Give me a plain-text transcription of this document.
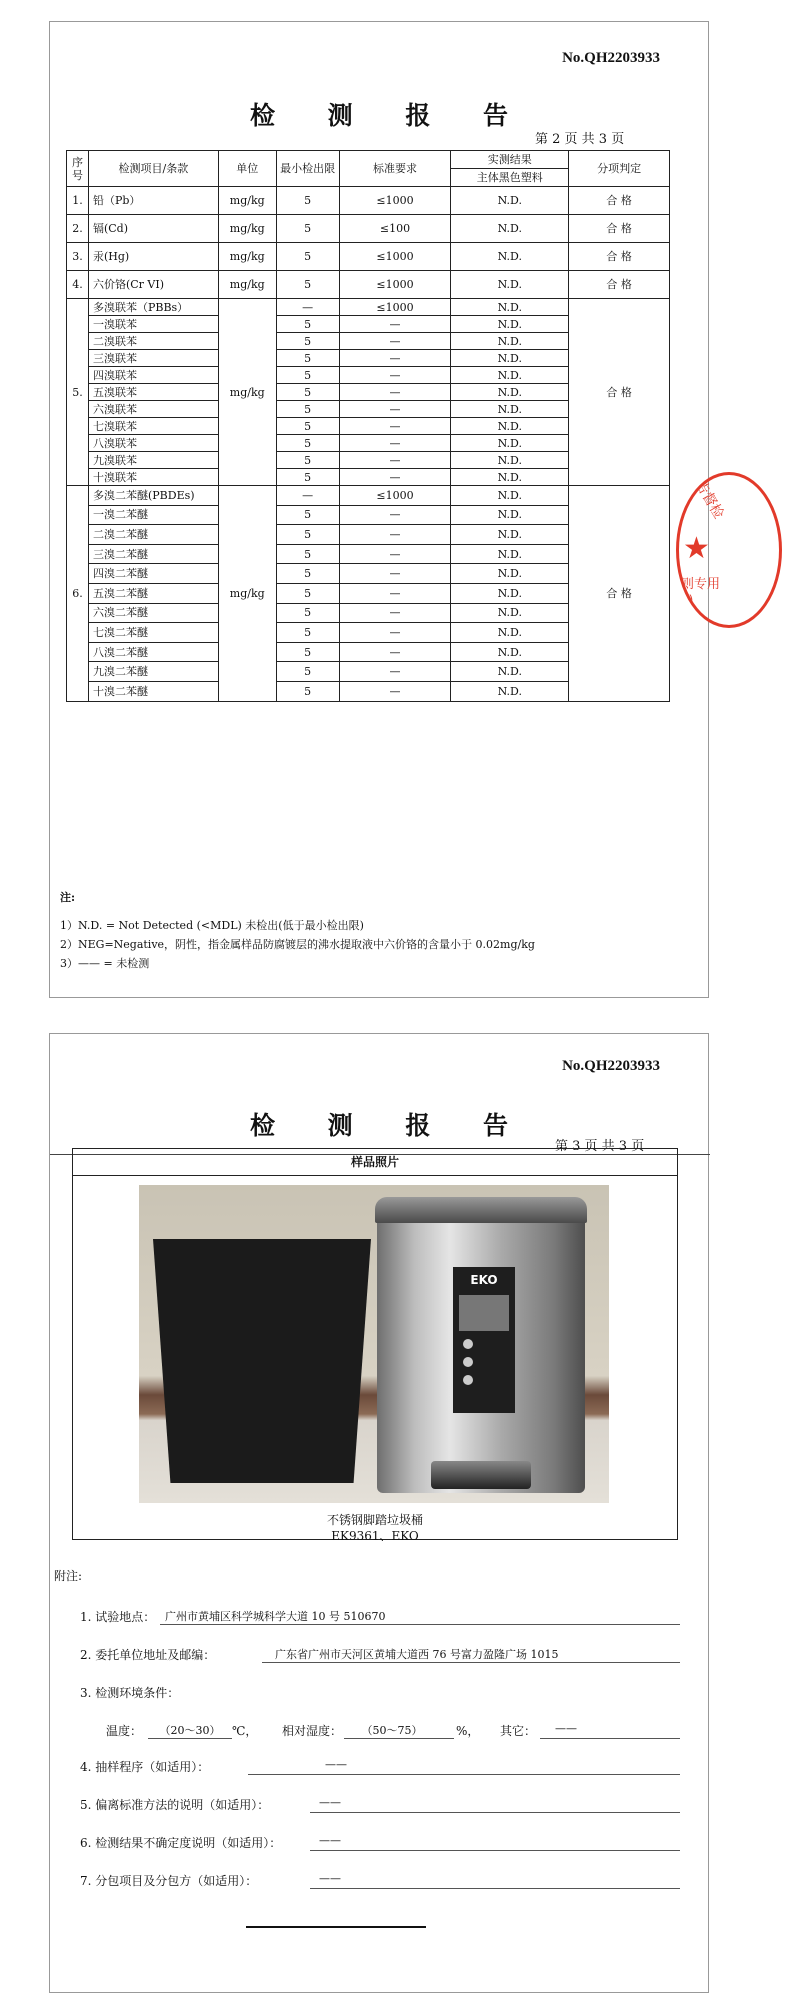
No.QH2203933
检 测 报 告
第 2 页 共 3 页
序号	检测项目/条款	单位	最小检出限	标准要求	实测结果	分项判定
					主体黑色塑料	
1.	铅（Pb）	mg/kg	5	≤1000	N.D.	合 格
2.	镉(Cd)	mg/kg	5	≤100	N.D.	合 格
3.	汞(Hg)	mg/kg	5	≤1000	N.D.	合 格
4.	六价铬(Cr VI)	mg/kg	5	≤1000	N.D.	合 格
5.	多溴联苯（PBBs）	mg/kg	—	≤1000	N.D.	合 格
	一溴联苯		5	—	N.D.	
	二溴联苯		5	—	N.D.	
	三溴联苯		5	—	N.D.	
	四溴联苯		5	—	N.D.	
	五溴联苯		5	—	N.D.	
	六溴联苯		5	—	N.D.	
	七溴联苯		5	—	N.D.	
	八溴联苯		5	—	N.D.	
	九溴联苯		5	—	N.D.	
	十溴联苯		5	—	N.D.	
6.	多溴二苯醚(PBDEs)	mg/kg	—	≤1000	N.D.	合 格
	一溴二苯醚		5	—	N.D.	
	二溴二苯醚		5	—	N.D.	
	三溴二苯醚		5	—	N.D.	
	四溴二苯醚		5	—	N.D.	
	五溴二苯醚		5	—	N.D.	
	六溴二苯醚		5	—	N.D.	
	七溴二苯醚		5	—	N.D.	
	八溴二苯醚		5	—	N.D.	
	九溴二苯醚		5	—	N.D.	
	十溴二苯醚		5	—	N.D.	
告督检
则专用
1)
★
注:
1）N.D. = Not Detected (<MDL) 未检出(低于最小检出限)
2）NEG=Negative，阴性，指金属样品防腐镀层的沸水提取液中六价铬的含量小于 0.02mg/kg
3）—— = 未检测
No.QH2203933
检 测 报 告
第 3 页 共 3 页
样品照片
EKO
不锈钢脚踏垃圾桶
EK9361、EKO
附注:
1. 试验地点： 广州市黄埔区科学城科学大道 10 号 510670
2. 委托单位地址及邮编：	广东省广州市天河区黄埔大道西 76 号富力盈隆广场 1015
3. 检测环境条件：
温度：	（20～30） ℃， 相对湿度：	（50～75）	%， 其它：	——
4. 抽样程序（如适用）：	——
5. 偏离标准方法的说明（如适用）：	——
6. 检测结果不确定度说明（如适用）：	——
7. 分包项目及分包方（如适用）：	——
